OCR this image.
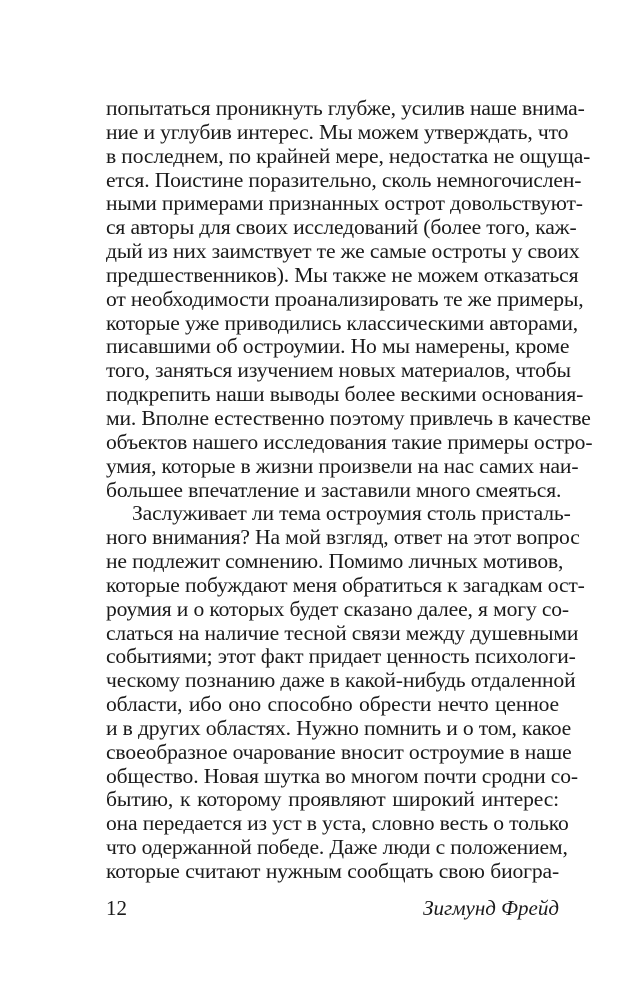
попытаться проникнуть глубже, усилив наше внима-
ние и углубив интерес. Мы можем утверждать, что
в последнем, по крайней мере, недостатка не ощуща-
ется. Поистине поразительно, сколь немногочислен-
ными примерами признанных острот довольствуют-
ся авторы для своих исследований (более того, каж-
дый из них заимствует те же самые остроты у своих
предшественников). Мы также не можем отказаться
от необходимости проанализировать те же примеры,
которые уже приводились классическими авторами,
писавшими об остроумии. Но мы намерены, кроме
того, заняться изучением новых материалов, чтобы
подкрепить наши выводы более вескими основания-
ми. Вполне естественно поэтому привлечь в качестве
объектов нашего исследования такие примеры остро-
умия, которые в жизни произвели на нас самих наи-
большее впечатление и заставили много смеяться.
Заслуживает ли тема остроумия столь присталь-
ного внимания? На мой взгляд, ответ на этот вопрос
не подлежит сомнению. Помимо личных мотивов,
которые побуждают меня обратиться к загадкам ост-
роумия и о которых будет сказано далее, я могу со-
слаться на наличие тесной связи между душевными
событиями; этот факт придает ценность психологи-
ческому познанию даже в какой-нибудь отдаленной
области, ибо оно способно обрести нечто ценное
и в других областях. Нужно помнить и о том, какое
своеобразное очарование вносит остроумие в наше
общество. Новая шутка во многом почти сродни со-
бытию, к которому проявляют широкий интерес:
она передается из уст в уста, словно весть о только
что одержанной победе. Даже люди с положением,
которые считают нужным сообщать свою биогра-
12	Зигмунд Фрейд
